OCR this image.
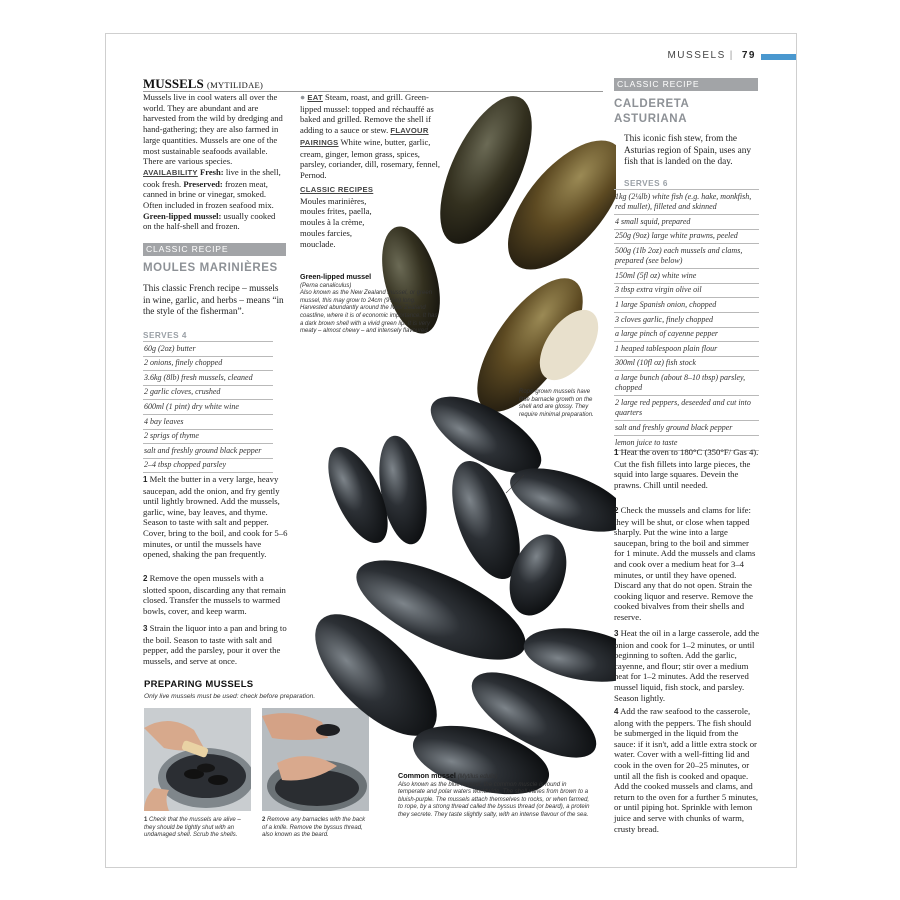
MUSSELS | 79
MUSSELS (MYTILIDAE)
Mussels live in cool waters all over the world. They are abundant and are harvested from the wild by dredging and hand-gathering; they are also farmed in large quantities. Mussels are one of the most sustainable seafoods available. There are various species. AVAILABILITY Fresh: live in the shell, cook fresh. Preserved: frozen meat, canned in brine or vinegar, smoked. Often included in frozen seafood mix. Green-lipped mussel: usually cooked on the half-shell and frozen.
CLASSIC RECIPE
MOULES MARINIÈRES
This classic French recipe – mussels in wine, garlic, and herbs – means “in the style of the fisherman”.
SERVES 4
60g (2oz) butter
2 onions, finely chopped
3.6kg (8lb) fresh mussels, cleaned
2 garlic cloves, crushed
600ml (1 pint) dry white wine
4 bay leaves
2 sprigs of thyme
salt and freshly ground black pepper
2–4 tbsp chopped parsley
1 Melt the butter in a very large, heavy saucepan, add the onion, and fry gently until lightly browned. Add the mussels, garlic, wine, bay leaves, and thyme. Season to taste with salt and pepper. Cover, bring to the boil, and cook for 5–6 minutes, or until the mussels have opened, shaking the pan frequently.
2 Remove the open mussels with a slotted spoon, discarding any that remain closed. Transfer the mussels to warmed bowls, cover, and keep warm.
3 Strain the liquor into a pan and bring to the boil. Season to taste with salt and pepper, add the parsley, pour it over the mussels, and serve at once.
PREPARING MUSSELS
Only live mussels must be used: check before preparation.
1 Check that the mussels are alive – they should be tightly shut with an undamaged shell. Scrub the shells.
2 Remove any barnacles with the back of a knife. Remove the byssus thread, also known as the beard.
● EAT Steam, roast, and grill. Green-lipped mussel: topped and réchauffé as baked and grilled. Remove the shell if adding to a sauce or stew. FLAVOUR PAIRINGS White wine, butter, garlic, cream, ginger, lemon grass, spices, parsley, coriander, dill, rosemary, fennel, Pernod.
CLASSIC RECIPES
Moules marinières, moules frites, paella, moules à la crème, moules farcies, mouclade.
Green-lipped mussel
(Perna canaliculus)
Also known as the New Zealand mussel, or green mussel, this may grow to 24cm (9½in) long. Harvested abundantly around the New Zealand coastline, where it is of economic importance. It has a dark brown shell with a vivid green lip. It is very meaty – almost chewy – and intensely flavoured.
Rope-grown mussels have little barnacle growth on the shell and are glossy. They require minimal preparation.
Common mussel (Mytilus edulis)
Also known as the blue mussel, the common muscle is found in temperate and polar waters worldwide. The shell varies from brown to a bluish-purple. The mussels attach themselves to rocks, or when farmed, to rope, by a strong thread called the byssus thread (or beard), a protein they secrete. They taste slightly salty, with an intense flavour of the sea.
CLASSIC RECIPE
CALDERETA
ASTURIANA
This iconic fish stew, from the Asturias region of Spain, uses any fish that is landed on the day.
SERVES 6
1kg (2¼lb) white fish (e.g. hake, monkfish, red mullet), filleted and skinned
4 small squid, prepared
250g (9oz) large white prawns, peeled
500g (1lb 2oz) each mussels and clams, prepared (see below)
150ml (5fl oz) white wine
3 tbsp extra virgin olive oil
1 large Spanish onion, chopped
3 cloves garlic, finely chopped
a large pinch of cayenne pepper
1 heaped tablespoon plain flour
300ml (10fl oz) fish stock
a large bunch (about 8–10 tbsp) parsley, chopped
2 large red peppers, deseeded and cut into quarters
salt and freshly ground black pepper
lemon juice to taste
1 Heat the oven to 180°C (350°F/ Gas 4). Cut the fish fillets into large pieces, the squid into large squares. Devein the prawns. Chill until needed.
2 Check the mussels and clams for life: they will be shut, or close when tapped sharply. Put the wine into a large saucepan, bring to the boil and simmer for 1 minute. Add the mussels and clams and cook over a medium heat for 3–4 minutes, or until they have opened. Discard any that do not open. Strain the cooking liquor and reserve. Remove the cooked bivalves from their shells and reserve.
3 Heat the oil in a large casserole, add the onion and cook for 1–2 minutes, or until beginning to soften. Add the garlic, cayenne, and flour; stir over a medium heat for 1–2 minutes. Add the reserved mussel liquid, fish stock, and parsley. Season lightly.
4 Add the raw seafood to the casserole, along with the peppers. The fish should be submerged in the liquid from the sauce: if it isn't, add a little extra stock or water. Cover with a well-fitting lid and cook in the oven for 20–25 minutes, or until all the fish is cooked and opaque. Add the cooked mussels and clams, and return to the oven for a further 5 minutes, or until piping hot. Sprinkle with lemon juice and serve with chunks of warm, crusty bread.
